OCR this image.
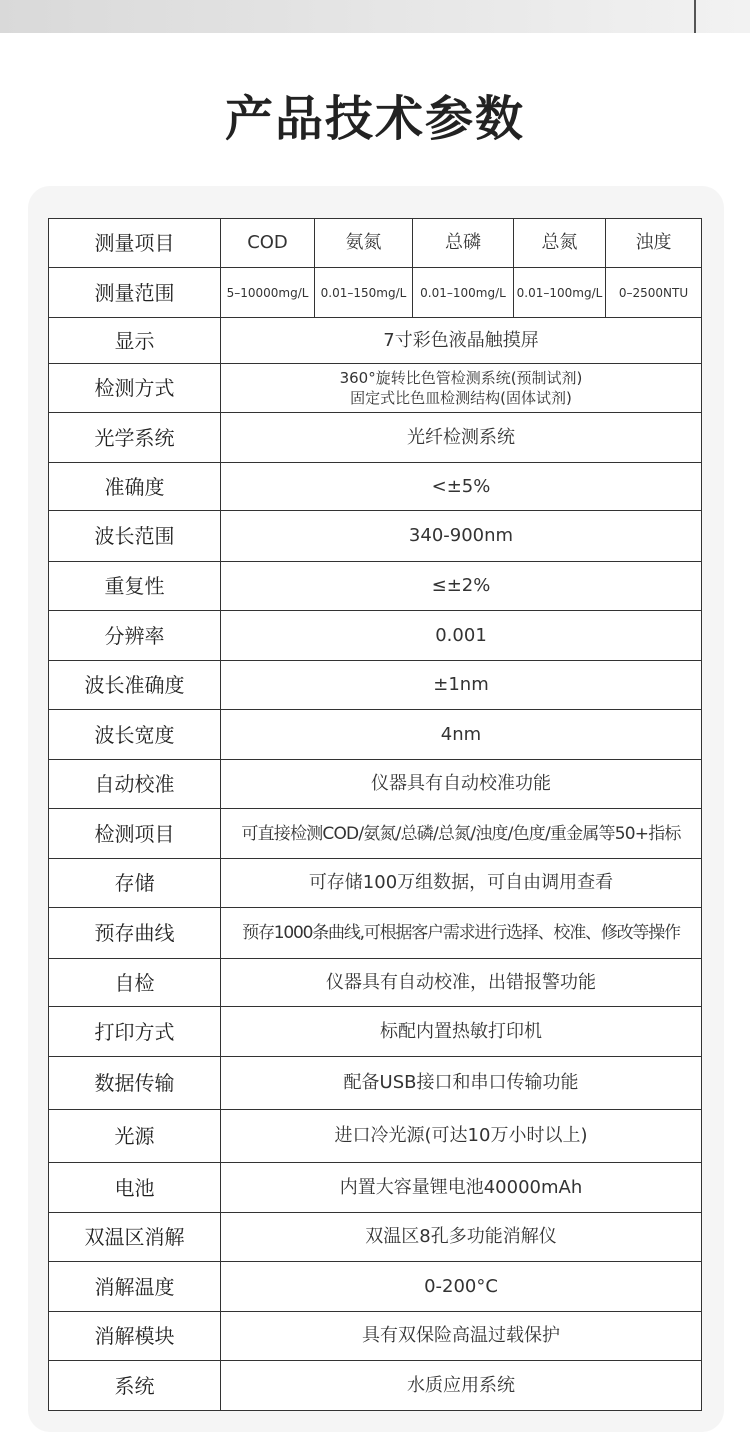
产品技术参数
测量项目	COD	氨氮	总磷	总氮	浊度
测量范围	5–10000mg/L	0.01–150mg/L	0.01–100mg/L	0.01–100mg/L	0–2500NTU
显示	7寸彩色液晶触摸屏				
检测方式	360°旋转比色管检测系统(预制试剂)
固定式比色皿检测结构(固体试剂)				

光学系统	光纤检测系统				
准确度	<±5%				
波长范围	340-900nm				
重复性	≤±2%				
分辨率	0.001				
波长准确度	±1nm				
波长宽度	4nm				
自动校准	仪器具有自动校准功能				
检测项目	可直接检测COD/氨氮/总磷/总氮/浊度/色度/重金属等50+指标				
存储	可存储100万组数据，可自由调用查看				
预存曲线	预存1000条曲线,可根据客户需求进行选择、校准、修改等操作				
自检	仪器具有自动校准，出错报警功能				
打印方式	标配内置热敏打印机				
数据传输	配备USB接口和串口传输功能				
光源	进口冷光源(可达10万小时以上)				
电池	内置大容量锂电池40000mAh				
双温区消解	双温区8孔多功能消解仪				
消解温度	0-200°C				
消解模块	具有双保险高温过载保护				
系统	水质应用系统				
